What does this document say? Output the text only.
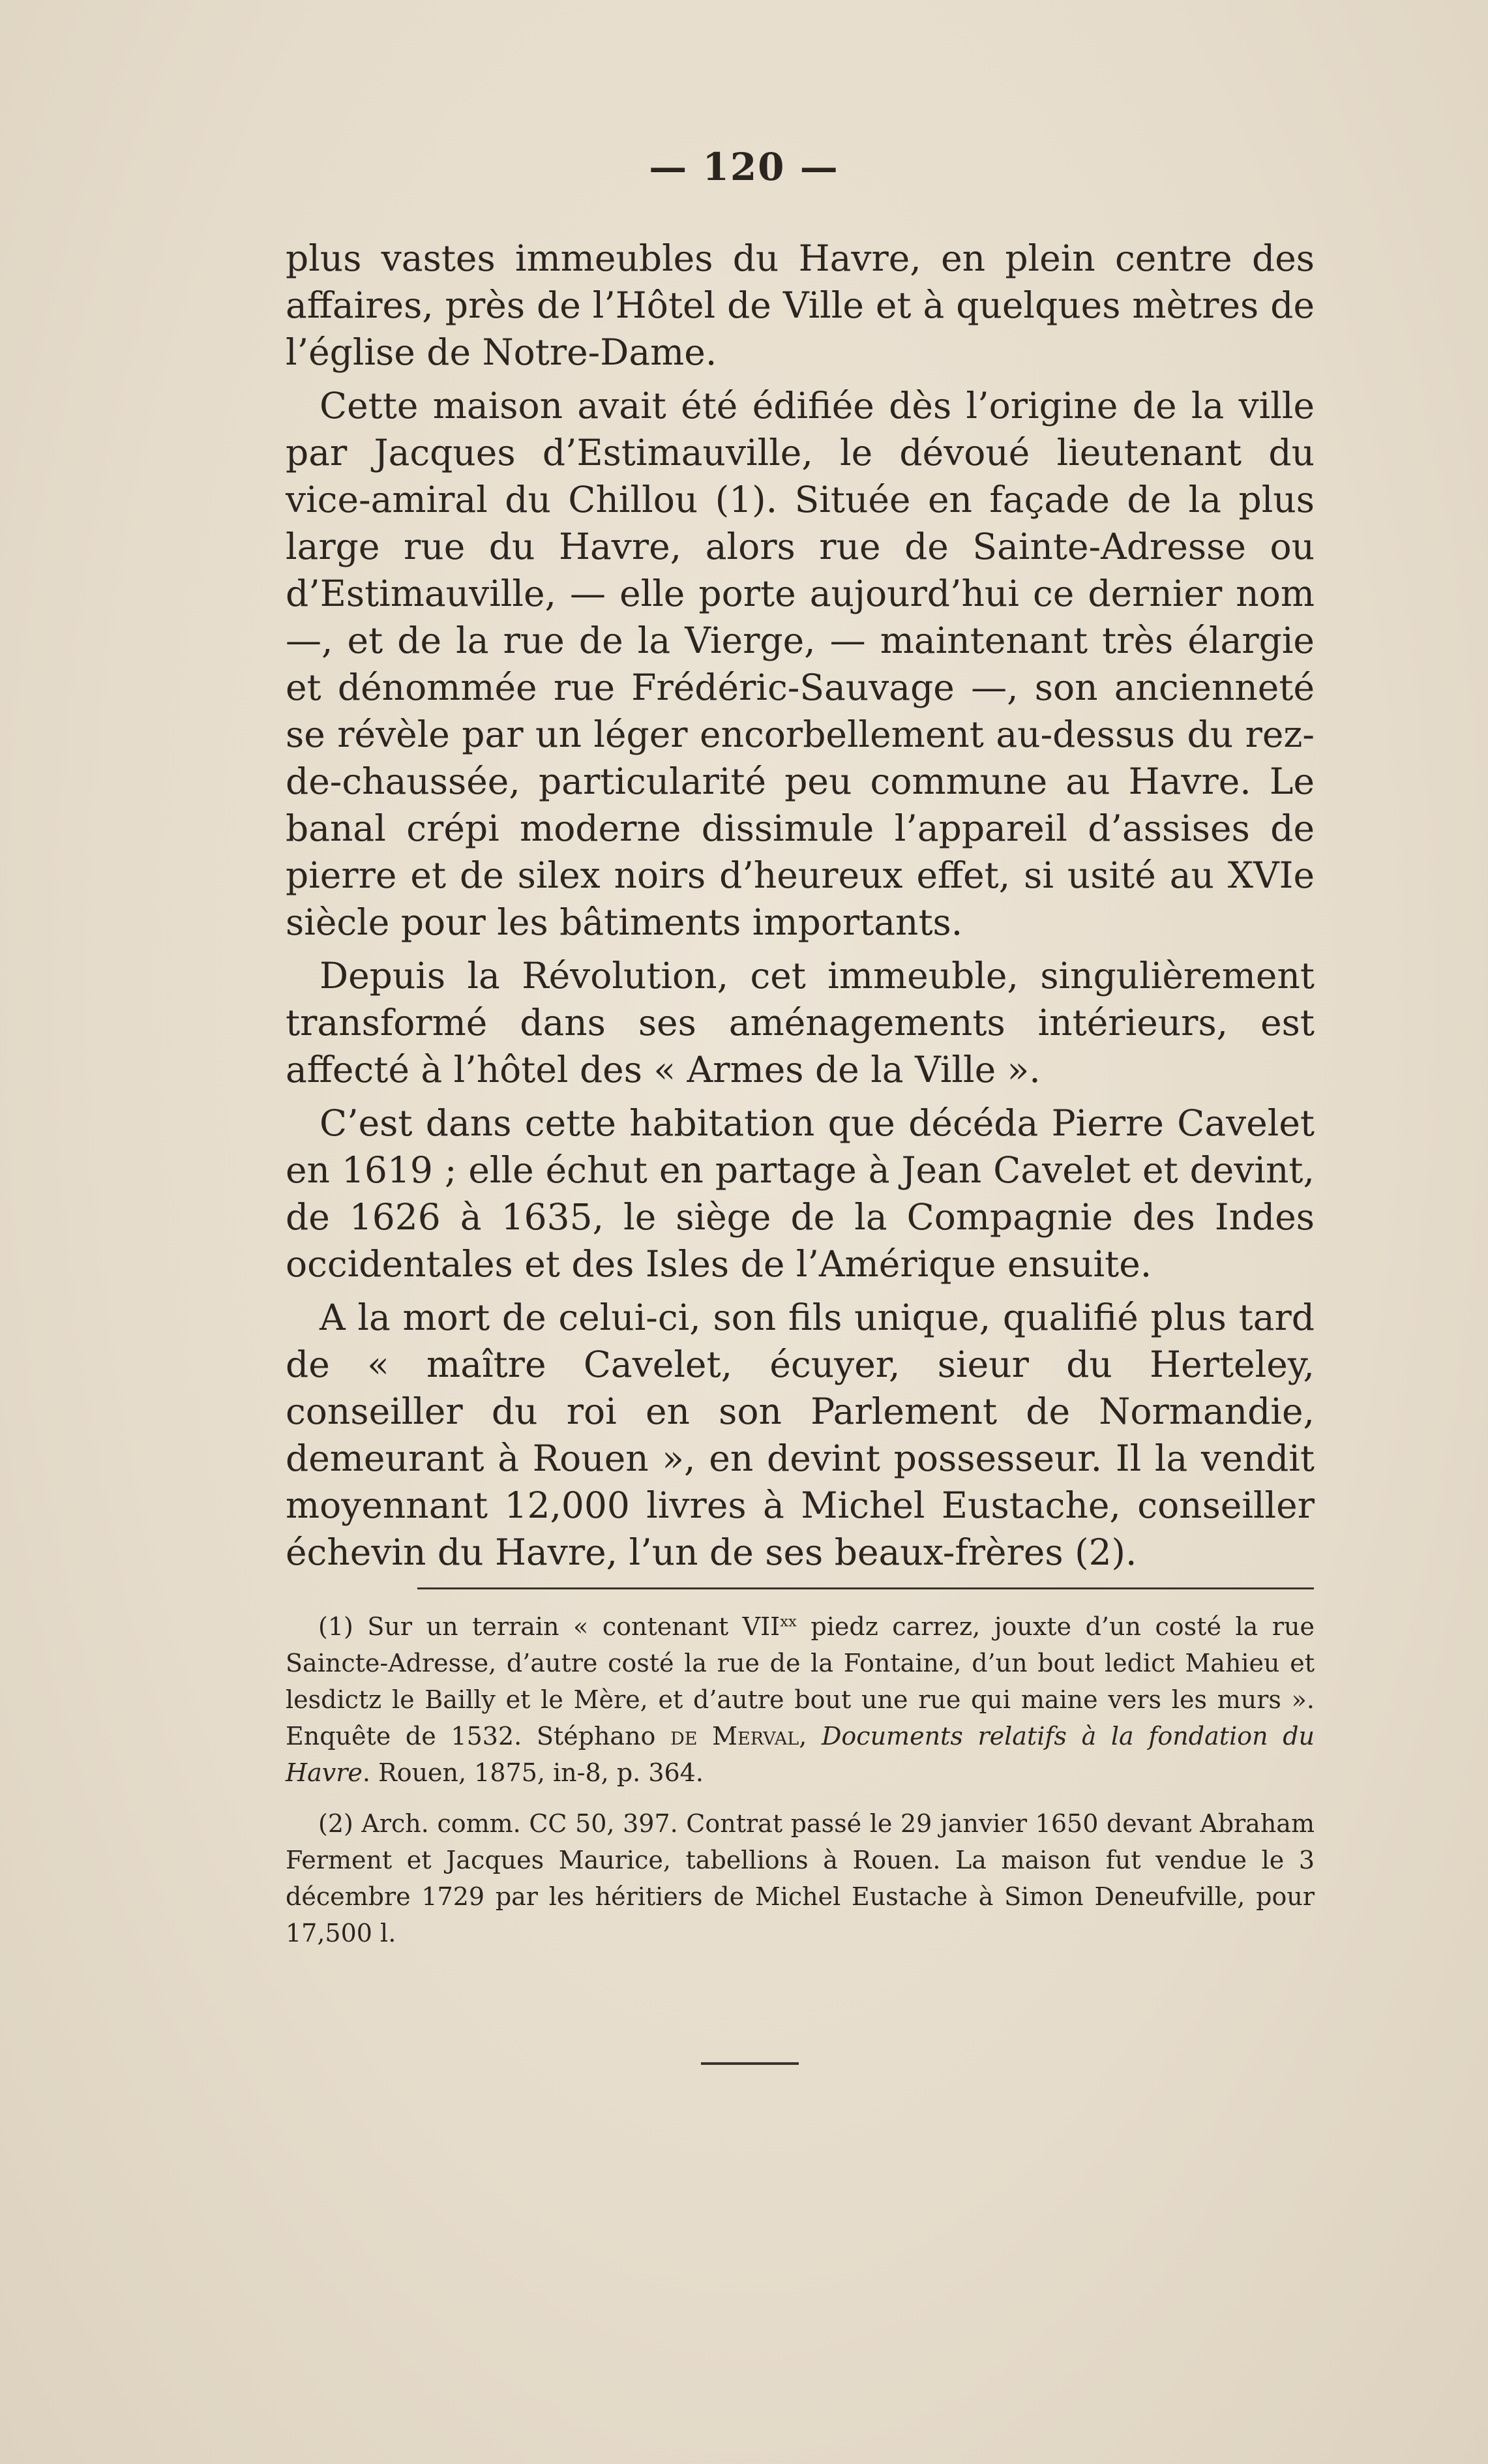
— 120 —

plus vastes immeubles du Havre, en plein centre des affaires, près de l’Hôtel de Ville et à quelques mètres de l’église de Notre-Dame.

Cette maison avait été édifiée dès l’origine de la ville par Jacques d’Estimauville, le dévoué lieutenant du vice-amiral du Chillou (1). Située en façade de la plus large rue du Havre, alors rue de Sainte-Adresse ou d’Estimauville, — elle porte aujourd’hui ce dernier nom —, et de la rue de la Vierge, — maintenant très élargie et dénommée rue Frédéric-Sauvage —, son ancienneté se révèle par un léger encorbellement au-dessus du rez-de-chaussée, particularité peu commune au Havre. Le banal crépi moderne dissimule l’appareil d’assises de pierre et de silex noirs d’heureux effet, si usité au XVIe siècle pour les bâtiments importants.

Depuis la Révolution, cet immeuble, singulièrement transformé dans ses aménagements intérieurs, est affecté à l’hôtel des « Armes de la Ville ».

C’est dans cette habitation que décéda Pierre Cavelet en 1619 ; elle échut en partage à Jean Cavelet et devint, de 1626 à 1635, le siège de la Compagnie des Indes occidentales et des Isles de l’Amérique ensuite.

A la mort de celui-ci, son fils unique, qualifié plus tard de « maître Cavelet, écuyer, sieur du Herteley, conseiller du roi en son Parlement de Normandie, demeurant à Rouen », en devint possesseur. Il la vendit moyennant 12,000 livres à Michel Eustache, conseiller échevin du Havre, l’un de ses beaux-frères (2).

(1) Sur un terrain « contenant VII$^{xx}$ piedz carrez, jouxte d’un costé la rue Saincte-Adresse, d’autre costé la rue de la Fontaine, d’un bout ledict Mahieu et lesdictz le Bailly et le Mère, et d’autre bout une rue qui maine vers les murs ». Enquête de 1532. Stéphano de Merval, Documents relatifs à la fondation du Havre. Rouen, 1875, in-8, p. 364.

(2) Arch. comm. CC 50, 397. Contrat passé le 29 janvier 1650 devant Abraham Ferment et Jacques Maurice, tabellions à Rouen. La maison fut vendue le 3 décembre 1729 par les héritiers de Michel Eustache à Simon Deneufville, pour 17,500 l.
